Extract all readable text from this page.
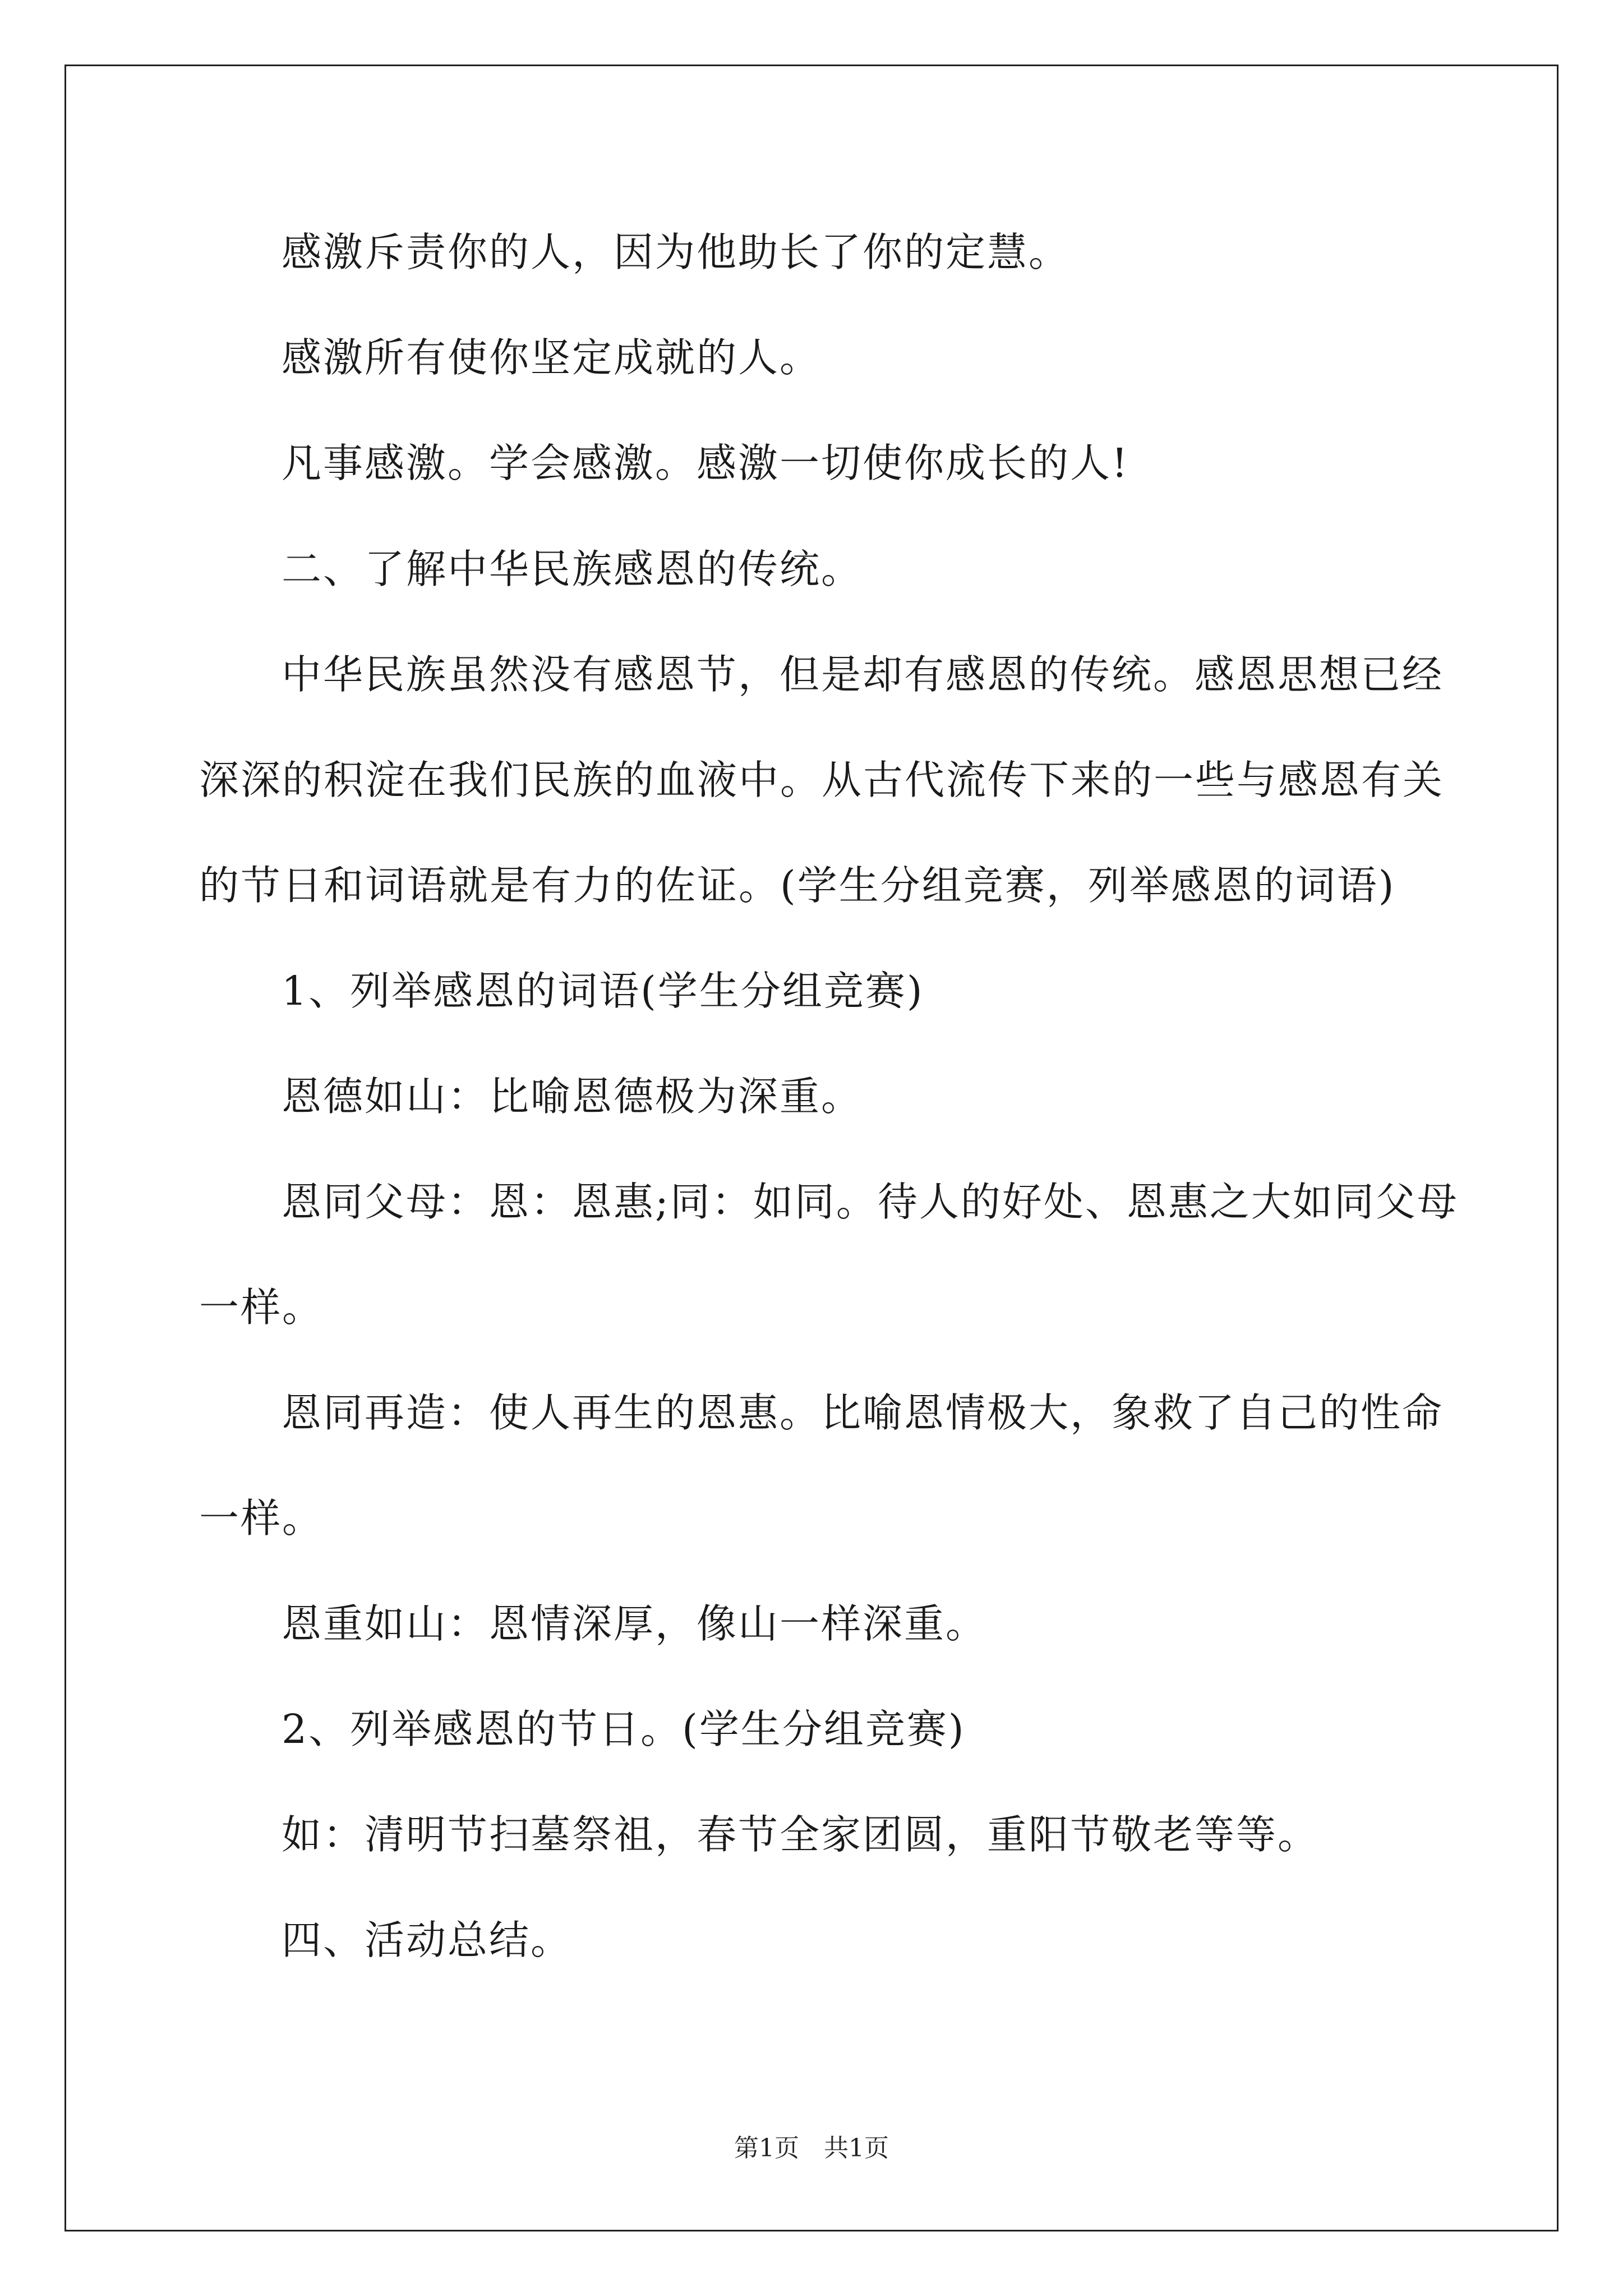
感激斥责你的人，因为他助长了你的定慧。
感激所有使你坚定成就的人。
凡事感激。学会感激。感激一切使你成长的人!
二、了解中华民族感恩的传统。
中华民族虽然没有感恩节，但是却有感恩的传统。感恩思想已经
深深的积淀在我们民族的血液中。从古代流传下来的一些与感恩有关
的节日和词语就是有力的佐证。(学生分组竞赛，列举感恩的词语)
1、列举感恩的词语(学生分组竞赛)
恩德如山：比喻恩德极为深重。
恩同父母：恩：恩惠;同：如同。待人的好处、恩惠之大如同父母
一样。
恩同再造：使人再生的恩惠。比喻恩情极大，象救了自己的性命
一样。
恩重如山：恩情深厚，像山一样深重。
2、列举感恩的节日。(学生分组竞赛)
如：清明节扫墓祭祖，春节全家团圆，重阳节敬老等等。
四、活动总结。
第1页　共1页
